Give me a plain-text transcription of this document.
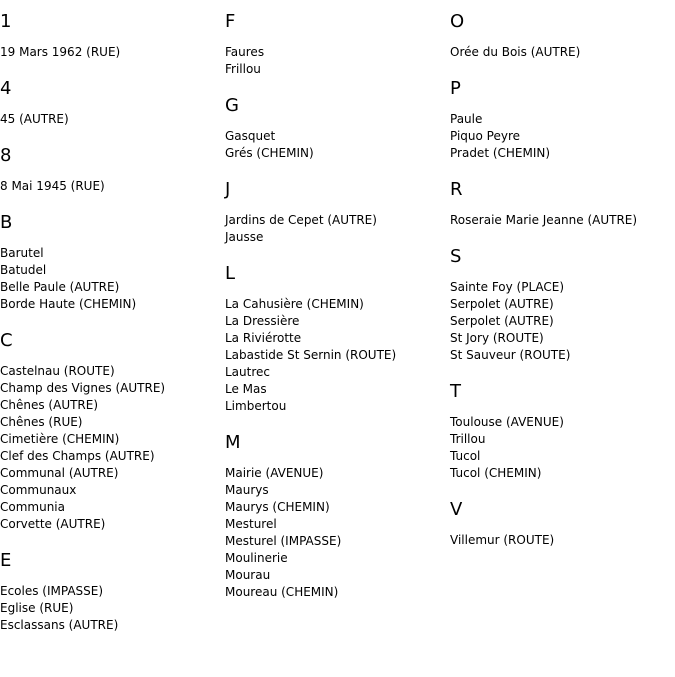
1
19 Mars 1962 (RUE)
4
45 (AUTRE)
8
8 Mai 1945 (RUE)
B
Barutel
Batudel
Belle Paule (AUTRE)
Borde Haute (CHEMIN)
C
Castelnau (ROUTE)
Champ des Vignes (AUTRE)
Chênes (AUTRE)
Chênes (RUE)
Cimetière (CHEMIN)
Clef des Champs (AUTRE)
Communal (AUTRE)
Communaux
Communia
Corvette (AUTRE)
E
Ecoles (IMPASSE)
Eglise (RUE)
Esclassans (AUTRE)
F
Faures
Frillou
G
Gasquet
Grés (CHEMIN)
J
Jardins de Cepet (AUTRE)
Jausse
L
La Cahusière (CHEMIN)
La Dressière
La Riviérotte
Labastide St Sernin (ROUTE)
Lautrec
Le Mas
Limbertou
M
Mairie (AVENUE)
Maurys
Maurys (CHEMIN)
Mesturel
Mesturel (IMPASSE)
Moulinerie
Mourau
Moureau (CHEMIN)
O
Orée du Bois (AUTRE)
P
Paule
Piquo Peyre
Pradet (CHEMIN)
R
Roseraie Marie Jeanne (AUTRE)
S
Sainte Foy (PLACE)
Serpolet (AUTRE)
Serpolet (AUTRE)
St Jory (ROUTE)
St Sauveur (ROUTE)
T
Toulouse (AVENUE)
Trillou
Tucol
Tucol (CHEMIN)
V
Villemur (ROUTE)
